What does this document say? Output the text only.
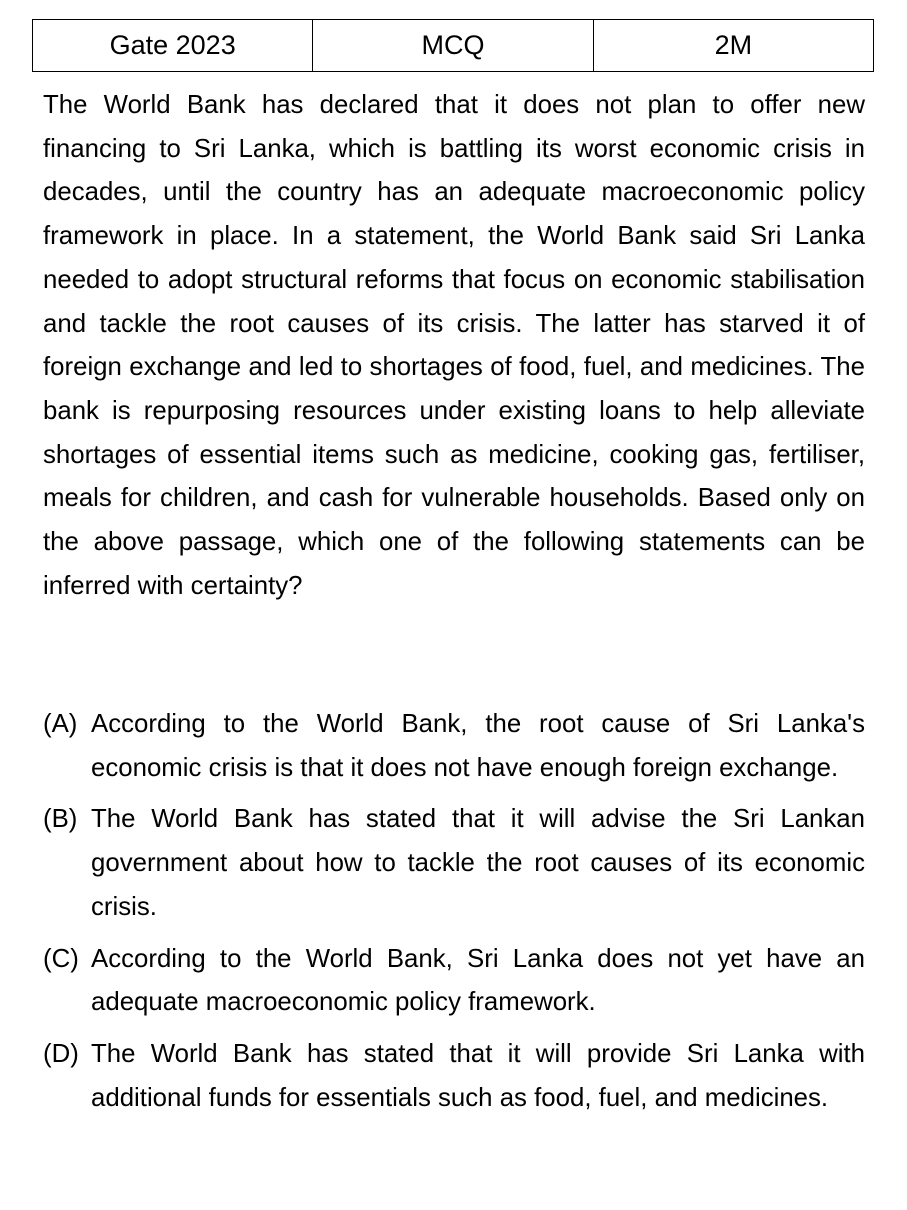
Gate 2023	MCQ	2M

The World Bank has declared that it does not plan to offer new financing to Sri Lanka, which is battling its worst economic crisis in decades, until the country has an adequate macroeconomic policy framework in place. In a statement, the World Bank said Sri Lanka needed to adopt structural reforms that focus on economic stabilisation and tackle the root causes of its crisis. The latter has starved it of foreign exchange and led to shortages of food, fuel, and medicines. The bank is repurposing resources under existing loans to help alleviate shortages of essential items such as medicine, cooking gas, fertiliser, meals for children, and cash for vulnerable households. Based only on the above passage, which one of the following statements can be inferred with certainty?

(A) According to the World Bank, the root cause of Sri Lanka's economic crisis is that it does not have enough foreign exchange.
(B) The World Bank has stated that it will advise the Sri Lankan government about how to tackle the root causes of its economic crisis.
(C) According to the World Bank, Sri Lanka does not yet have an adequate macroeconomic policy framework.
(D) The World Bank has stated that it will provide Sri Lanka with additional funds for essentials such as food, fuel, and medicines.
